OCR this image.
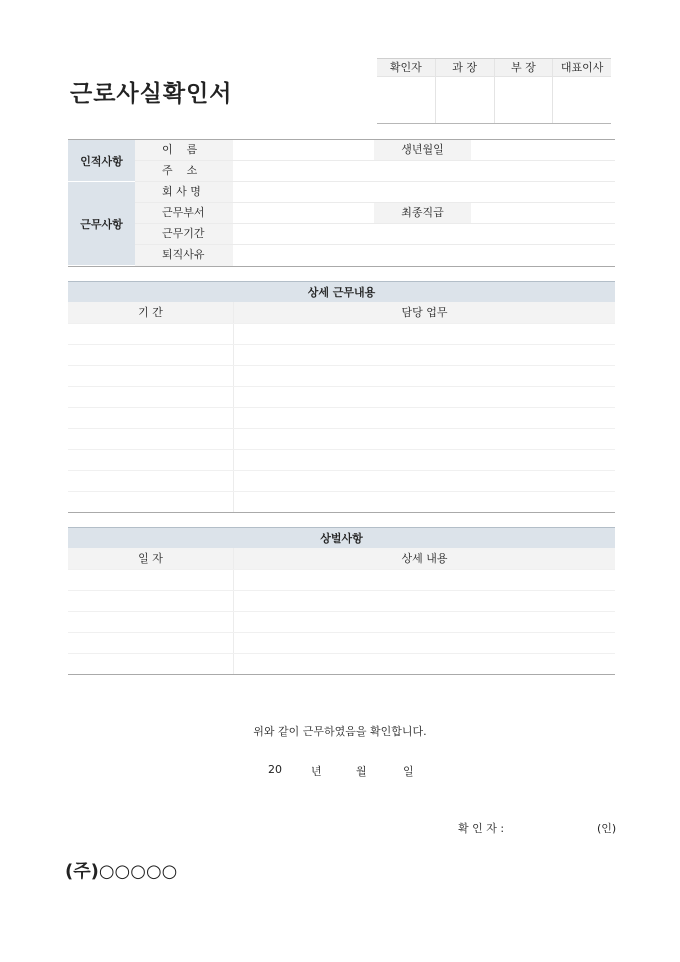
근로사실확인서
확인자	과 장	부 장	대표이사
인적사항
이    름	생년월일
주    소
근무사항
회 사 명
근무부서	최종직급
근무기간
퇴직사유
상세 근무내용
기 간	담당 업무
상벌사항
일 자	상세 내용
위와 같이 근무하였음을 확인합니다.
20	년	월	일
확 인 자 :	(인)
(주)○○○○○
